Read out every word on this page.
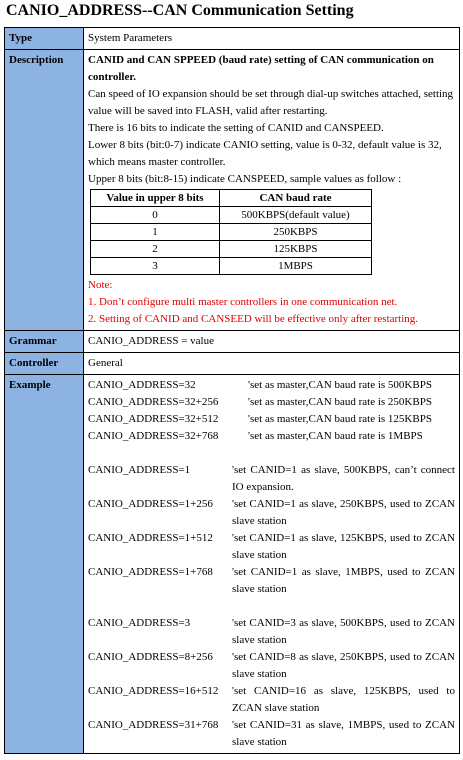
CANIO_ADDRESS--CAN Communication Setting
Type	System Parameters
Description	CANID and CAN SPPEED (baud rate) setting of CAN communication on controller.
Can speed of IO expansion should be set through dial-up switches attached, setting value will be saved into FLASH, valid after restarting.
There is 16 bits to indicate the setting of CANID and CANSPEED.
Lower 8 bits (bit:0-7) indicate CANIO setting, value is 0-32, default value is 32, which means master controller.
Upper 8 bits (bit:8-15) indicate CANSPEED, sample values as follow :
Value in upper 8 bits	CAN baud rate
0	500KBPS(default value)
1	250KBPS
2	125KBPS
3	1MBPS
Note:
1. Don’t configure multi master controllers in one communication net.
2. Setting of CANID and CANSEED will be effective only after restarting.

Grammar	CANIO_ADDRESS = value
Controller	General
Example	CANIO_ADDRESS=32	'set as master,CAN baud rate is 500KBPS
CANIO_ADDRESS=32+256	'set as master,CAN baud rate is 250KBPS
CANIO_ADDRESS=32+512	'set as master,CAN baud rate is 125KBPS
CANIO_ADDRESS=32+768	'set as master,CAN baud rate is 1MBPS
CANIO_ADDRESS=1	'set CANID=1 as slave, 500KBPS, can’t connect IO expansion.
CANIO_ADDRESS=1+256	'set CANID=1 as slave, 250KBPS, used to ZCAN slave station
CANIO_ADDRESS=1+512	'set CANID=1 as slave, 125KBPS, used to ZCAN slave station
CANIO_ADDRESS=1+768	'set CANID=1 as slave, 1MBPS, used to ZCAN slave station
CANIO_ADDRESS=3	'set CANID=3 as slave, 500KBPS, used to ZCAN slave station
CANIO_ADDRESS=8+256	'set CANID=8 as slave, 250KBPS, used to ZCAN slave station
CANIO_ADDRESS=16+512	'set CANID=16 as slave, 125KBPS, used to ZCAN slave station
CANIO_ADDRESS=31+768	'set CANID=31 as slave, 1MBPS, used to ZCAN slave station
